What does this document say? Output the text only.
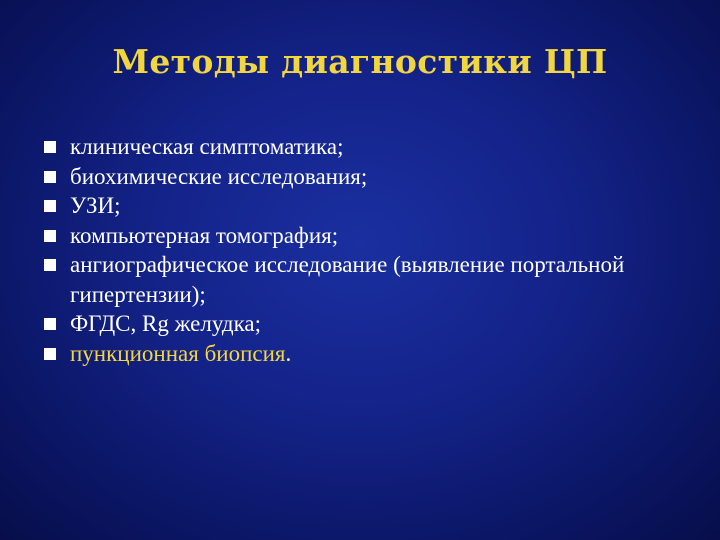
Методы диагностики ЦП
клиническая симптоматика;
биохимические исследования;
УЗИ;
компьютерная томография;
ангиографическое исследование (выявление портальной гипертензии);
ФГДС, Rg желудка;
пункционная биопсия.
